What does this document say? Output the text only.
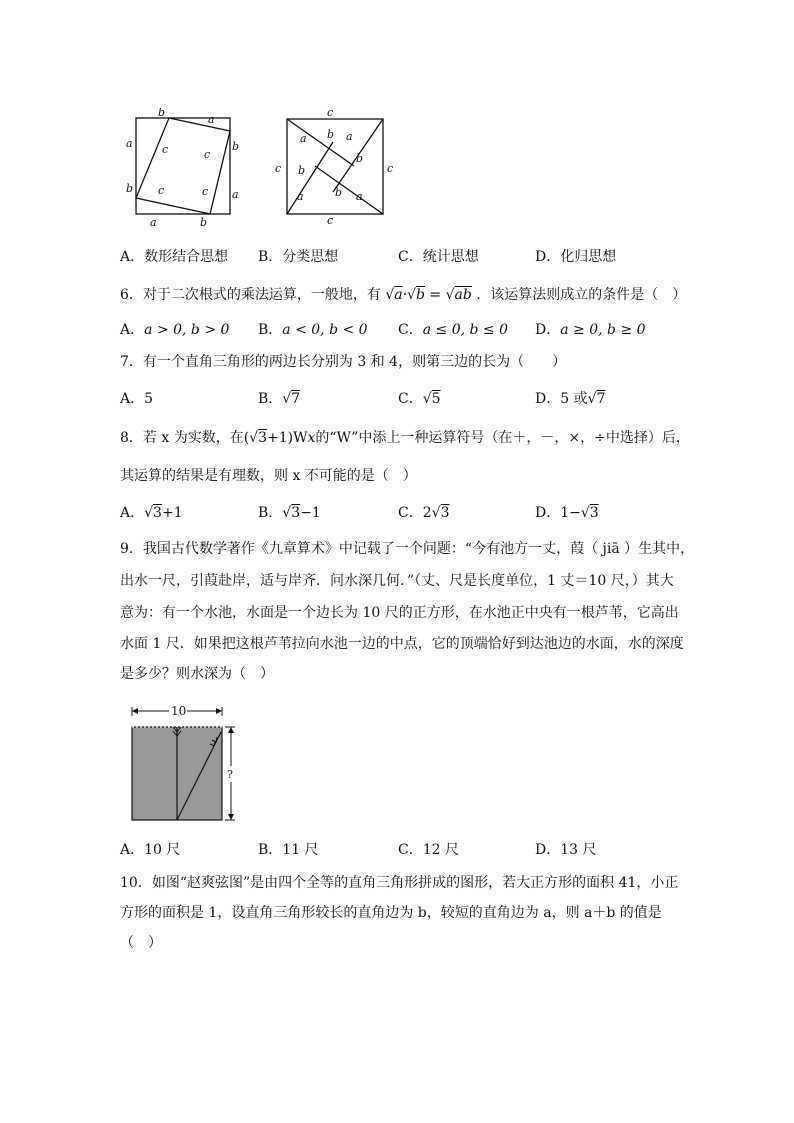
b
a
a
b
b
a
a	b
c	c
c	c
c
c
c	c
b
a	a
b
b
a	b a
A．数形结合思想 B．分类思想	C．统计思想	D．化归思想
6．对于二次根式的乘法运算，一般地，有 √a·√b = √ab ．该运算法则成立的条件是（　）
A．a > 0, b > 0 B．a < 0, b < 0 C．a ≤ 0, b ≤ 0 D．a ≥ 0, b ≥ 0
7．有一个直角三角形的两边长分别为 3 和 4，则第三边的长为（　　）
A．5	B．√7	C．√5	D．5 或√7
8．若 x 为实数，在(√3+1)Wx的“W”中添上一种运算符号（在＋，－，×，÷中选择）后，
其运算的结果是有理数，则 x 不可能的是（　）
A．√3+1	B．√3−1	C．2√3	D．1−√3
9．我国古代数学著作《九章算术》中记载了一个问题：“今有池方一丈，葭（ jiā ）生其中，
出水一尺，引葭赴岸，适与岸齐．问水深几何．”（丈、尺是长度单位，1 丈＝10 尺，）其大
意为：有一个水池，水面是一个边长为 10 尺的正方形，在水池正中央有一根芦苇，它高出
水面 1 尺．如果把这根芦苇拉向水池一边的中点，它的顶端恰好到达池边的水面，水的深度
是多少？则水深为（　）
10
?
A．10 尺	B．11 尺	C．12 尺	D．13 尺
10．如图“赵爽弦图”是由四个全等的直角三角形拼成的图形，若大正方形的面积 41，小正
方形的面积是 1，设直角三角形较长的直角边为 b，较短的直角边为 a，则 a＋b 的值是
（　）
